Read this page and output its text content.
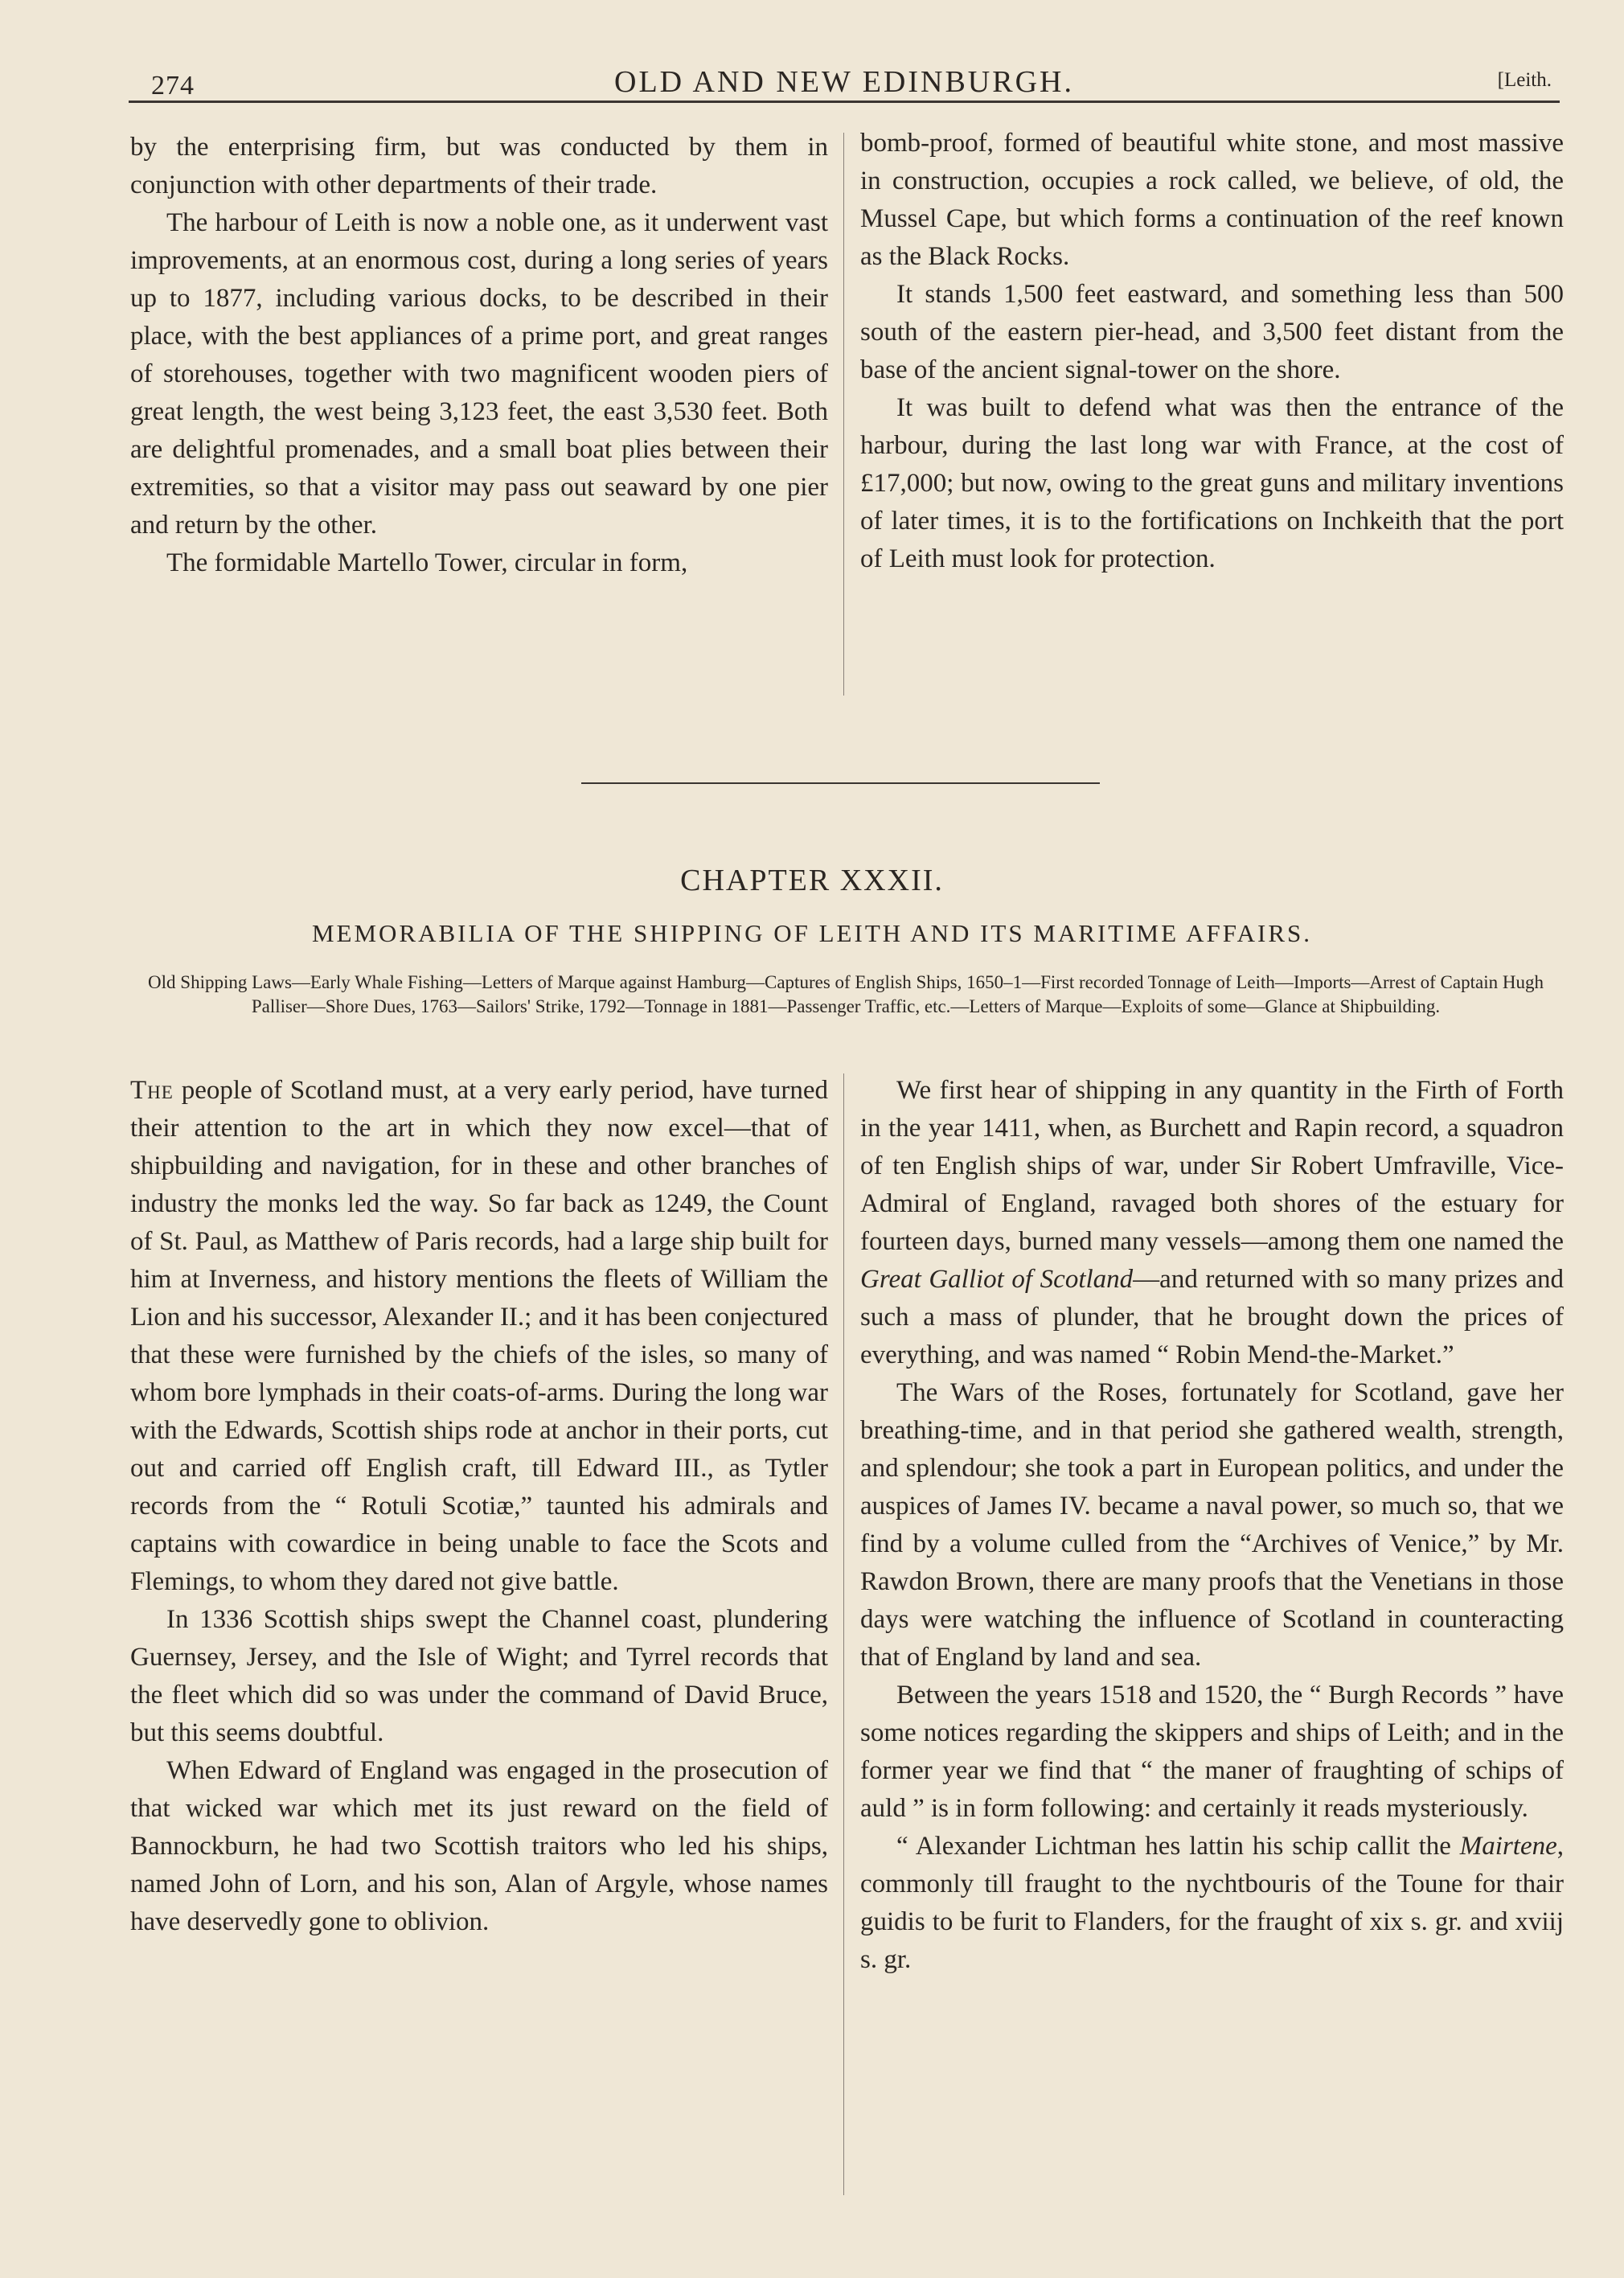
274	OLD AND NEW EDINBURGH.	[Leith.

by the enterprising firm, but was conducted by them in conjunction with other departments of their trade.

The harbour of Leith is now a noble one, as it underwent vast improvements, at an enormous cost, during a long series of years up to 1877, including various docks, to be described in their place, with the best appliances of a prime port, and great ranges of storehouses, together with two magnificent wooden piers of great length, the west being 3,123 feet, the east 3,530 feet. Both are delightful promenades, and a small boat plies between their extremities, so that a visitor may pass out seaward by one pier and return by the other.

The formidable Martello Tower, circular in form,

bomb-proof, formed of beautiful white stone, and most massive in construction, occupies a rock called, we believe, of old, the Mussel Cape, but which forms a continuation of the reef known as the Black Rocks.

It stands 1,500 feet eastward, and something less than 500 south of the eastern pier-head, and 3,500 feet distant from the base of the ancient signal-tower on the shore.

It was built to defend what was then the entrance of the harbour, during the last long war with France, at the cost of £17,000; but now, owing to the great guns and military inventions of later times, it is to the fortifications on Inchkeith that the port of Leith must look for protection.

CHAPTER XXXII.
MEMORABILIA OF THE SHIPPING OF LEITH AND ITS MARITIME AFFAIRS.
Old Shipping Laws—Early Whale Fishing—Letters of Marque against Hamburg—Captures of English Ships, 1650–1—First recorded Tonnage of Leith—Imports—Arrest of Captain Hugh Palliser—Shore Dues, 1763—Sailors' Strike, 1792—Tonnage in 1881—Passenger Traffic, etc.—Letters of Marque—Exploits of some—Glance at Shipbuilding.

The people of Scotland must, at a very early period, have turned their attention to the art in which they now excel—that of shipbuilding and navigation, for in these and other branches of industry the monks led the way. So far back as 1249, the Count of St. Paul, as Matthew of Paris records, had a large ship built for him at Inverness, and history mentions the fleets of William the Lion and his successor, Alexander II.; and it has been conjectured that these were furnished by the chiefs of the isles, so many of whom bore lymphads in their coats-of-arms. During the long war with the Edwards, Scottish ships rode at anchor in their ports, cut out and carried off English craft, till Edward III., as Tytler records from the “ Rotuli Scotiæ,” taunted his admirals and captains with cowardice in being unable to face the Scots and Flemings, to whom they dared not give battle.

In 1336 Scottish ships swept the Channel coast, plundering Guernsey, Jersey, and the Isle of Wight; and Tyrrel records that the fleet which did so was under the command of David Bruce, but this seems doubtful.

When Edward of England was engaged in the prosecution of that wicked war which met its just reward on the field of Bannockburn, he had two Scottish traitors who led his ships, named John of Lorn, and his son, Alan of Argyle, whose names have deservedly gone to oblivion.

We first hear of shipping in any quantity in the Firth of Forth in the year 1411, when, as Burchett and Rapin record, a squadron of ten English ships of war, under Sir Robert Umfraville, Vice-Admiral of England, ravaged both shores of the estuary for fourteen days, burned many vessels—among them one named the Great Galliot of Scotland—and returned with so many prizes and such a mass of plunder, that he brought down the prices of everything, and was named “ Robin Mend-the-Market.”

The Wars of the Roses, fortunately for Scotland, gave her breathing-time, and in that period she gathered wealth, strength, and splendour; she took a part in European politics, and under the auspices of James IV. became a naval power, so much so, that we find by a volume culled from the “Archives of Venice,” by Mr. Rawdon Brown, there are many proofs that the Venetians in those days were watching the influence of Scotland in counteracting that of England by land and sea.

Between the years 1518 and 1520, the “ Burgh Records ” have some notices regarding the skippers and ships of Leith; and in the former year we find that “ the maner of fraughting of schips of auld ” is in form following: and certainly it reads mysteriously.

“ Alexander Lichtman hes lattin his schip callit the Mairtene, commonly till fraught to the nychtbouris of the Toune for thair guidis to be furit to Flanders, for the fraught of xix s. gr. and xviij s. gr.
